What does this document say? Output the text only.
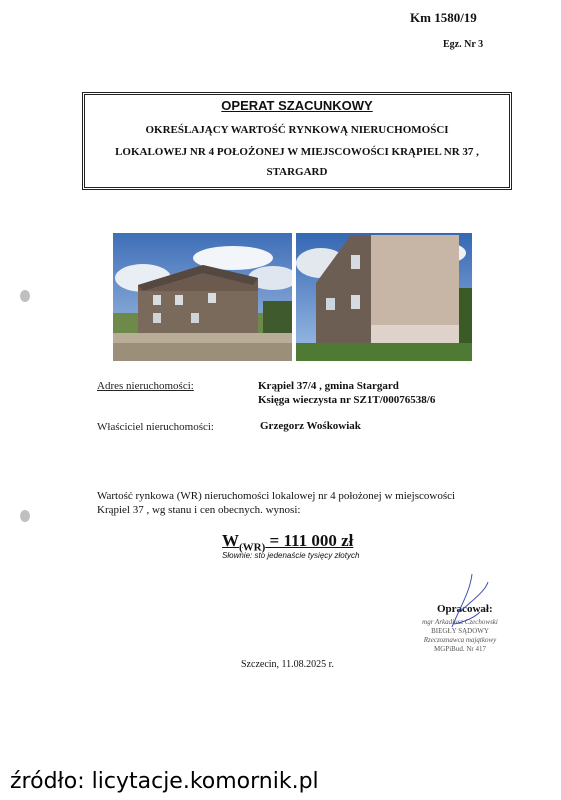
Km 1580/19
Egz. Nr 3
OPERAT SZACUNKOWY
OKREŚLAJĄCY WARTOŚĆ RYNKOWĄ NIERUCHOMOŚCI
LOKALOWEJ NR 4 POŁOŻONEJ W MIEJSCOWOŚCI KRĄPIEL NR 37 ,
STARGARD
Adres nieruchomości:	Krąpiel 37/4 , gmina Stargard
Księga wieczysta nr SZ1T/00076538/6
Właściciel nieruchomości:	Grzegorz Wośkowiak
Wartość rynkowa (WR) nieruchomości lokalowej nr 4 położonej w miejscowości
Krąpiel 37 , wg stanu i cen obecnych. wynosi:
$W_{(WR)} = 111$ 000 zł
Słownie: sto jedenaście tysięcy złotych
Opracował:
mgr Arkadiusz Czechowski
BIEGŁY SĄDOWY
Rzeczoznawca majątkowy
MGPiBud. Nr 417
Szczecin, 11.08.2025 r.
źródło: licytacje.komornik.pl
